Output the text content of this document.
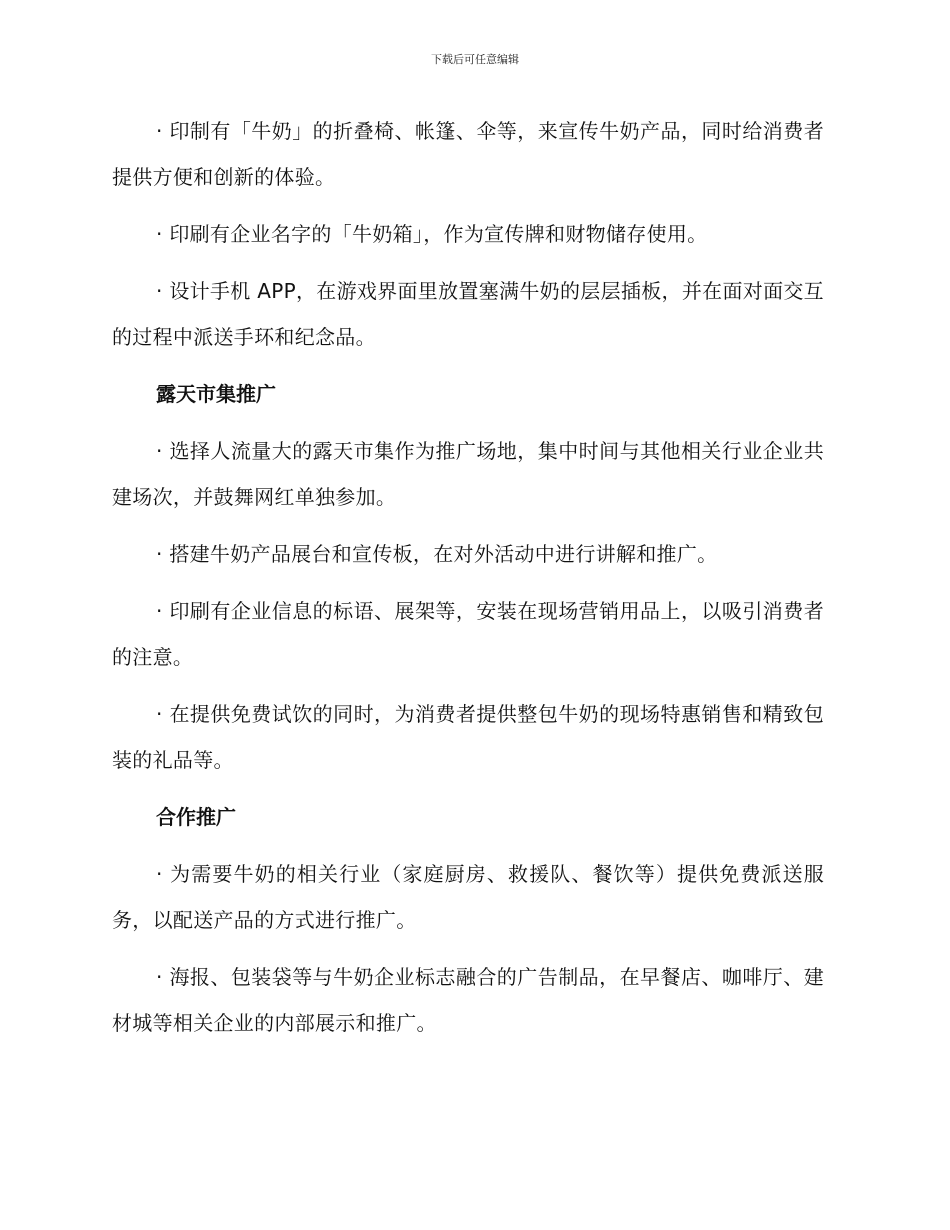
下载后可任意编辑

· 印制有「牛奶」的折叠椅、帐篷、伞等，来宣传牛奶产品，同时给消费者提供方便和创新的体验。

· 印刷有企业名字的「牛奶箱」，作为宣传牌和财物储存使用。

· 设计手机 APP，在游戏界面里放置塞满牛奶的层层插板，并在面对面交互的过程中派送手环和纪念品。

露天市集推广

· 选择人流量大的露天市集作为推广场地，集中时间与其他相关行业企业共建场次，并鼓舞网红单独参加。

· 搭建牛奶产品展台和宣传板，在对外活动中进行讲解和推广。

· 印刷有企业信息的标语、展架等，安装在现场营销用品上，以吸引消费者的注意。

· 在提供免费试饮的同时，为消费者提供整包牛奶的现场特惠销售和精致包装的礼品等。

合作推广

· 为需要牛奶的相关行业（家庭厨房、救援队、餐饮等）提供免费派送服务，以配送产品的方式进行推广。

· 海报、包装袋等与牛奶企业标志融合的广告制品，在早餐店、咖啡厅、建材城等相关企业的内部展示和推广。
